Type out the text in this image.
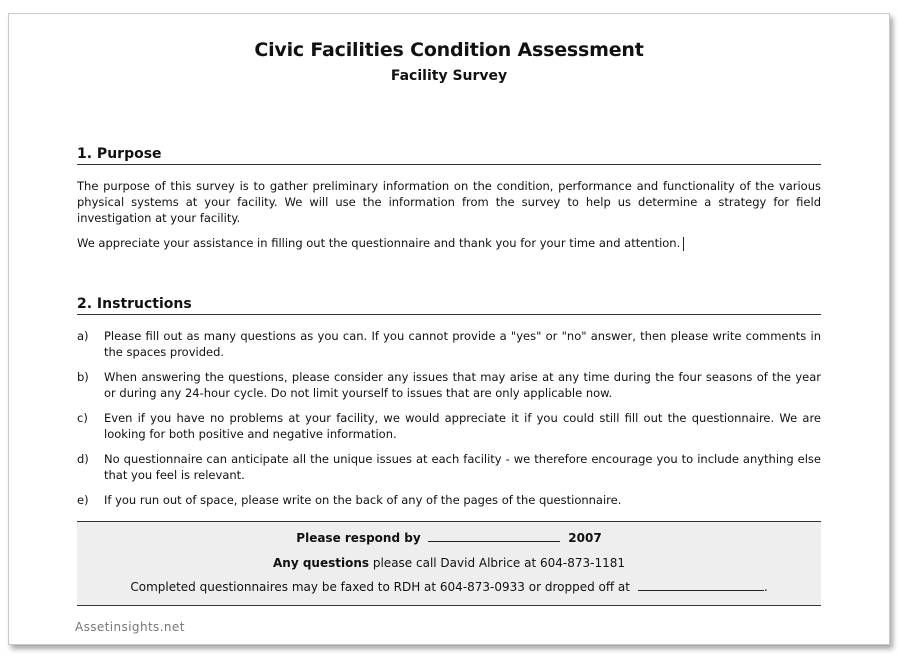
Civic Facilities Condition Assessment
Facility Survey
1. Purpose

The purpose of this survey is to gather preliminary information on the condition, performance and functionality of the various physical systems at your facility. We will use the information from the survey to help us determine a strategy for field investigation at your facility.

We appreciate your assistance in filling out the questionnaire and thank you for your time and attention.

2. Instructions
a)	Please fill out as many questions as you can. If you cannot provide a "yes" or "no" answer, then please write comments in the spaces provided.
b)	When answering the questions, please consider any issues that may arise at any time during the four seasons of the year or during any 24-hour cycle. Do not limit yourself to issues that are only applicable now.
c)	Even if you have no problems at your facility, we would appreciate it if you could still fill out the questionnaire. We are looking for both positive and negative information.
d)	No questionnaire can anticipate all the unique issues at each facility - we therefore encourage you to include anything else that you feel is relevant.
e)	If you run out of space, please write on the back of any of the pages of the questionnaire.
Please respond by	2007
Any questions please call David Albrice at 604-873-1181
Completed questionnaires may be faxed to RDH at 604-873-0933 or dropped off at	.
Assetinsights.net
